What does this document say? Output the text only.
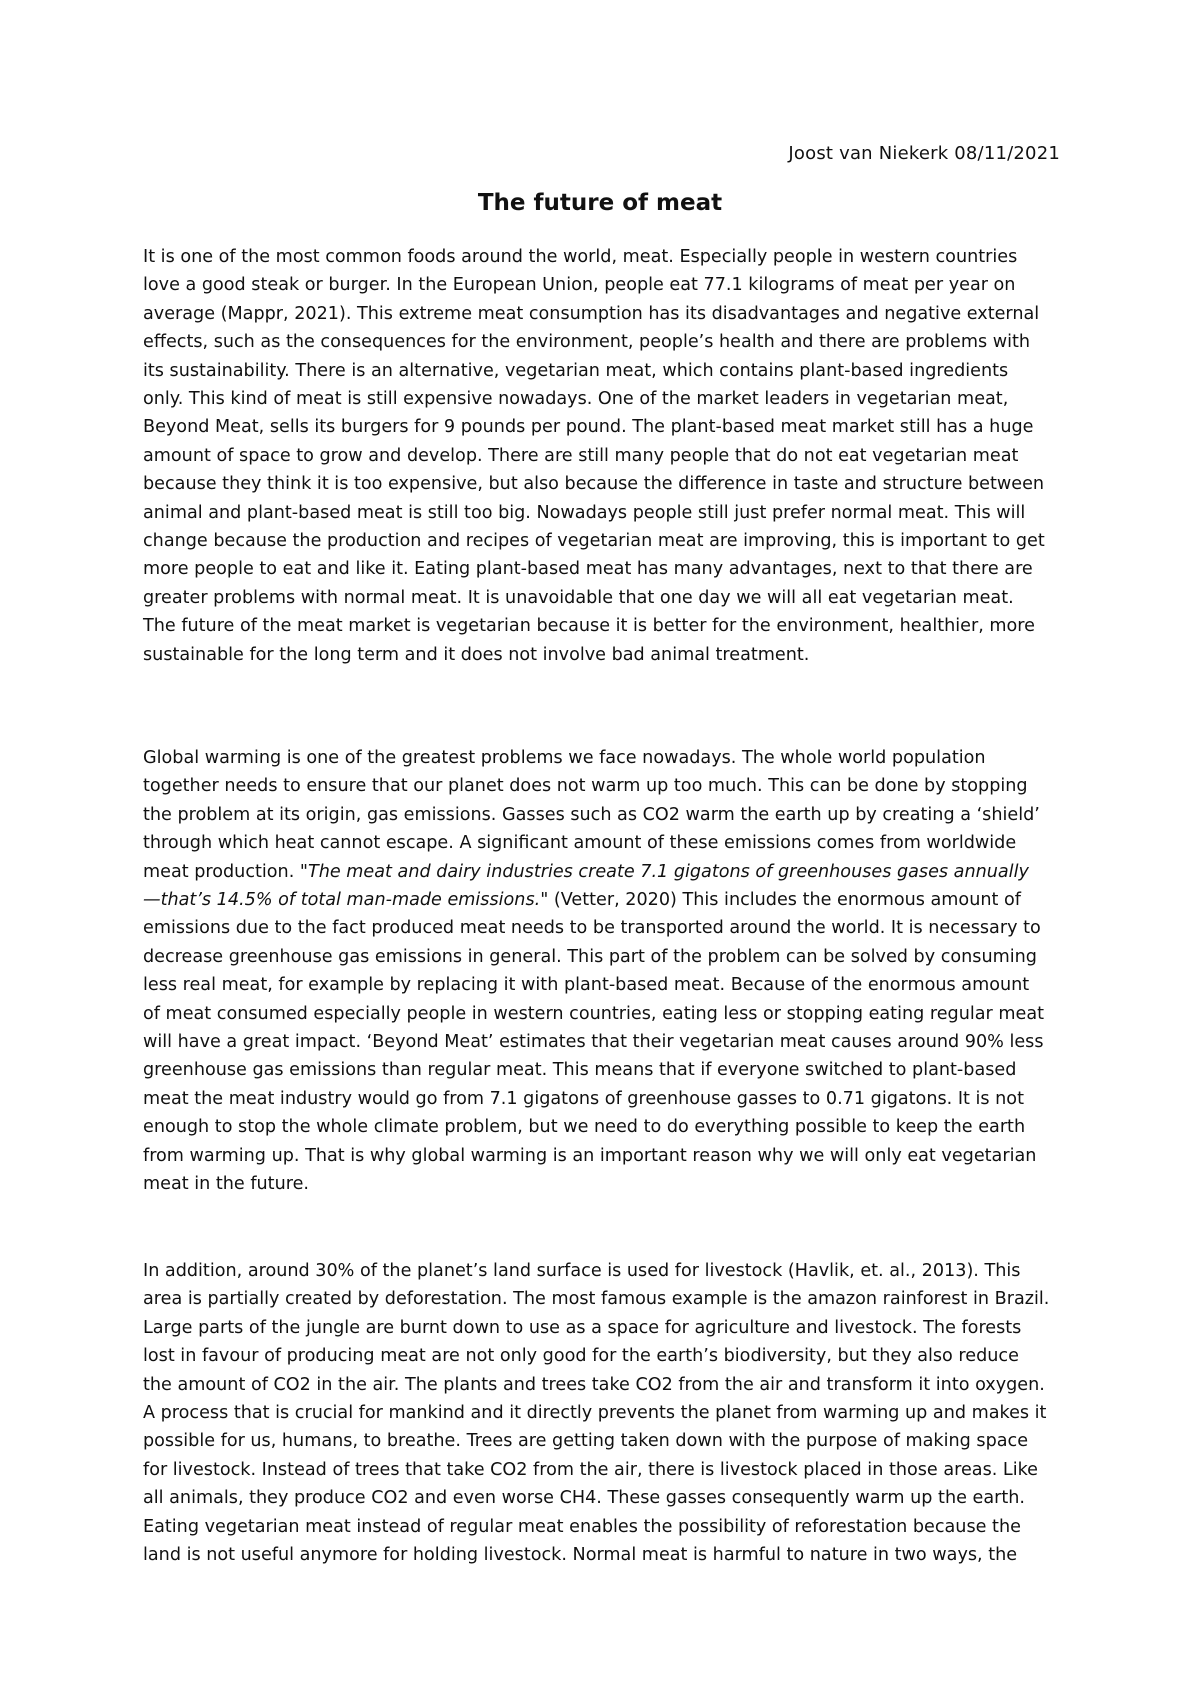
Joost van Niekerk 08/11/2021

The future of meat
It is one of the most common foods around the world, meat. Especially people in western countries
love a good steak or burger. In the European Union, people eat 77.1 kilograms of meat per year on
average (Mappr, 2021). This extreme meat consumption has its disadvantages and negative external
effects, such as the consequences for the environment, people’s health and there are problems with
its sustainability. There is an alternative, vegetarian meat, which contains plant-based ingredients
only. This kind of meat is still expensive nowadays. One of the market leaders in vegetarian meat,
Beyond Meat, sells its burgers for 9 pounds per pound. The plant-based meat market still has a huge
amount of space to grow and develop. There are still many people that do not eat vegetarian meat
because they think it is too expensive, but also because the difference in taste and structure between
animal and plant-based meat is still too big. Nowadays people still just prefer normal meat. This will
change because the production and recipes of vegetarian meat are improving, this is important to get
more people to eat and like it. Eating plant-based meat has many advantages, next to that there are
greater problems with normal meat. It is unavoidable that one day we will all eat vegetarian meat.
The future of the meat market is vegetarian because it is better for the environment, healthier, more
sustainable for the long term and it does not involve bad animal treatment.
Global warming is one of the greatest problems we face nowadays. The whole world population
together needs to ensure that our planet does not warm up too much. This can be done by stopping
the problem at its origin, gas emissions. Gasses such as CO2 warm the earth up by creating a ‘shield’
through which heat cannot escape. A significant amount of these emissions comes from worldwide
meat production. "The meat and dairy industries create 7.1 gigatons of greenhouses gases annually
—that’s 14.5% of total man-made emissions." (Vetter, 2020) This includes the enormous amount of
emissions due to the fact produced meat needs to be transported around the world. It is necessary to
decrease greenhouse gas emissions in general. This part of the problem can be solved by consuming
less real meat, for example by replacing it with plant-based meat. Because of the enormous amount
of meat consumed especially people in western countries, eating less or stopping eating regular meat
will have a great impact. ‘Beyond Meat’ estimates that their vegetarian meat causes around 90% less
greenhouse gas emissions than regular meat. This means that if everyone switched to plant-based
meat the meat industry would go from 7.1 gigatons of greenhouse gasses to 0.71 gigatons. It is not
enough to stop the whole climate problem, but we need to do everything possible to keep the earth
from warming up. That is why global warming is an important reason why we will only eat vegetarian
meat in the future.
In addition, around 30% of the planet’s land surface is used for livestock (Havlik, et. al., 2013). This
area is partially created by deforestation. The most famous example is the amazon rainforest in Brazil.
Large parts of the jungle are burnt down to use as a space for agriculture and livestock. The forests
lost in favour of producing meat are not only good for the earth’s biodiversity, but they also reduce
the amount of CO2 in the air. The plants and trees take CO2 from the air and transform it into oxygen.
A process that is crucial for mankind and it directly prevents the planet from warming up and makes it
possible for us, humans, to breathe. Trees are getting taken down with the purpose of making space
for livestock. Instead of trees that take CO2 from the air, there is livestock placed in those areas. Like
all animals, they produce CO2 and even worse CH4. These gasses consequently warm up the earth.
Eating vegetarian meat instead of regular meat enables the possibility of reforestation because the
land is not useful anymore for holding livestock. Normal meat is harmful to nature in two ways, the
